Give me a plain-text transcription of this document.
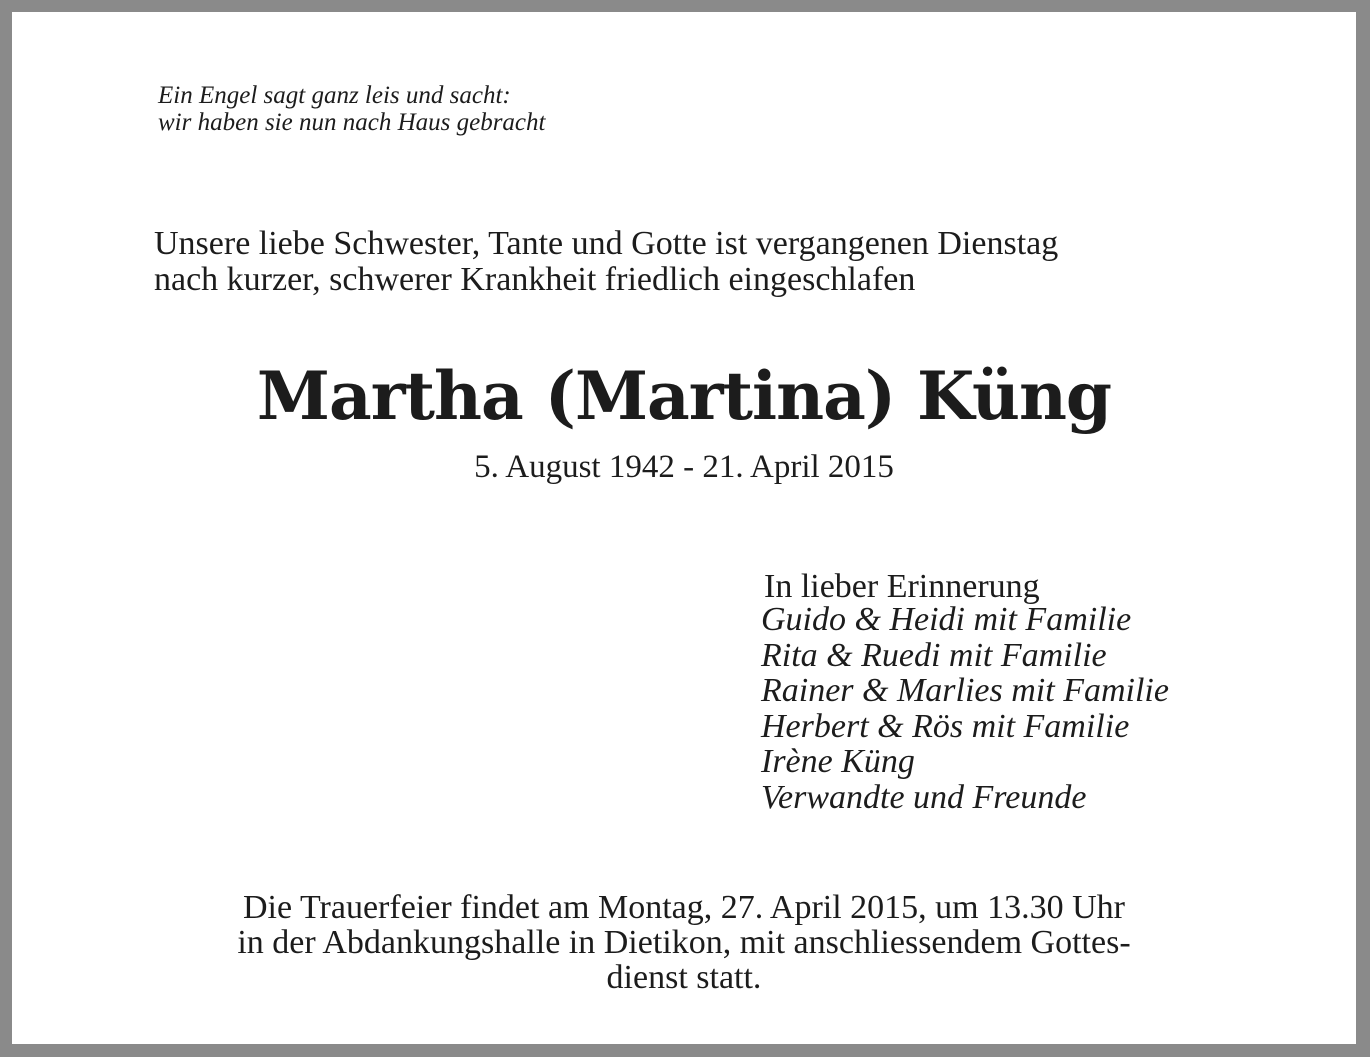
Ein Engel sagt ganz leis und sacht:
wir haben sie nun nach Haus gebracht
Unsere liebe Schwester, Tante und Gotte ist vergangenen Dienstag
nach kurzer, schwerer Krankheit friedlich eingeschlafen
Martha (Martina) Küng
5. August 1942 - 21. April 2015
In lieber Erinnerung
Guido & Heidi mit Familie
Rita & Ruedi mit Familie
Rainer & Marlies mit Familie
Herbert & Rös mit Familie
Irène Küng
Verwandte und Freunde
Die Trauerfeier findet am Montag, 27. April 2015, um 13.30 Uhr
in der Abdankungshalle in Dietikon, mit anschliessendem Gottes-
dienst statt.
